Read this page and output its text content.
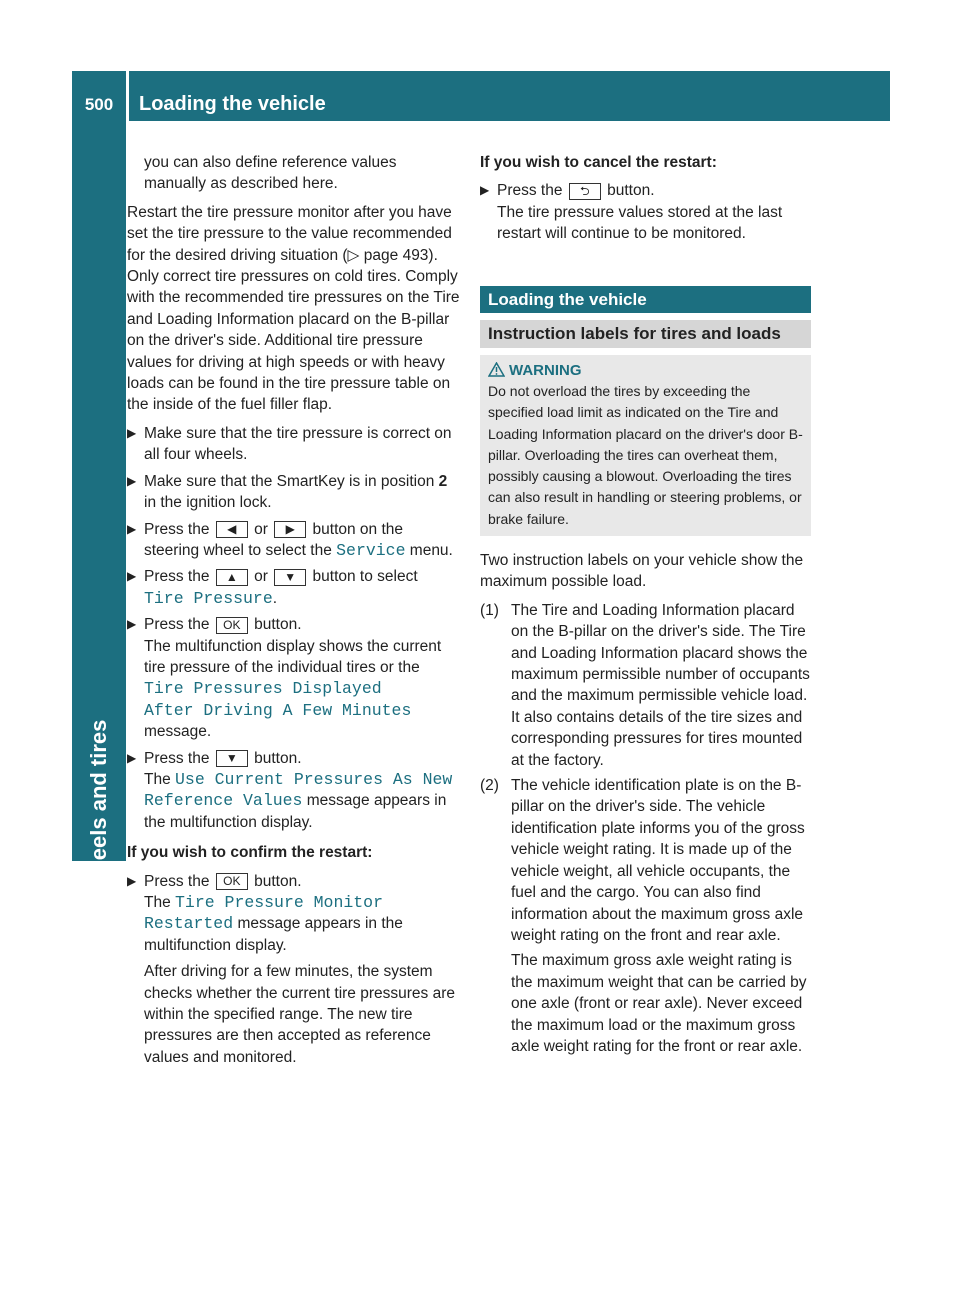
500	Loading the vehicle
Wheels and tires

you can also define reference values manually as described here.

Restart the tire pressure monitor after you have set the tire pressure to the value recommended for the desired driving situation (▷ page 493). Only correct tire pressures on cold tires. Comply with the recommended tire pressures on the Tire and Loading Information placard on the B-pillar on the driver's side. Additional tire pressure values for driving at high speeds or with heavy loads can be found in the tire pressure table on the inside of the fuel filler flap.

▶ Make sure that the tire pressure is correct on all four wheels.
▶ Make sure that the SmartKey is in position 2 in the ignition lock.
▶ Press the ◀ or ▶ button on the steering wheel to select the Service menu.
▶ Press the ▲ or ▼ button to select
Tire Pressure.
▶ Press the OK button.
The multifunction display shows the current tire pressure of the individual tires or the Tire Pressures Displayed
After Driving A Few Minutes
message.
▶ Press the ▼ button.
The Use Current Pressures As New
Reference Values message appears in the multifunction display.

If you wish to confirm the restart:

▶ Press the OK button.
The Tire Pressure Monitor
Restarted message appears in the multifunction display.

After driving for a few minutes, the system checks whether the current tire pressures are within the specified range. The new tire pressures are then accepted as reference values and monitored.

If you wish to cancel the restart:

▶ Press the ⮌ button.
The tire pressure values stored at the last restart will continue to be monitored.
Loading the vehicle
Instruction labels for tires and loads
WARNING
Do not overload the tires by exceeding the specified load limit as indicated on the Tire and Loading Information placard on the driver's door B-pillar. Overloading the tires can overheat them, possibly causing a blowout. Overloading the tires can also result in handling or steering problems, or brake failure.

Two instruction labels on your vehicle show the maximum possible load.

(1) The Tire and Loading Information placard on the B-pillar on the driver's side. The Tire and Loading Information placard shows the maximum permissible number of occupants and the maximum permissible vehicle load. It also contains details of the tire sizes and corresponding pressures for tires mounted at the factory.
(2) The vehicle identification plate is on the B-pillar on the driver's side. The vehicle identification plate informs you of the gross vehicle weight rating. It is made up of the vehicle weight, all vehicle occupants, the fuel and the cargo. You can also find information about the maximum gross axle weight rating on the front and rear axle.

The maximum gross axle weight rating is the maximum weight that can be carried by one axle (front or rear axle). Never exceed the maximum load or the maximum gross axle weight rating for the front or rear axle.
